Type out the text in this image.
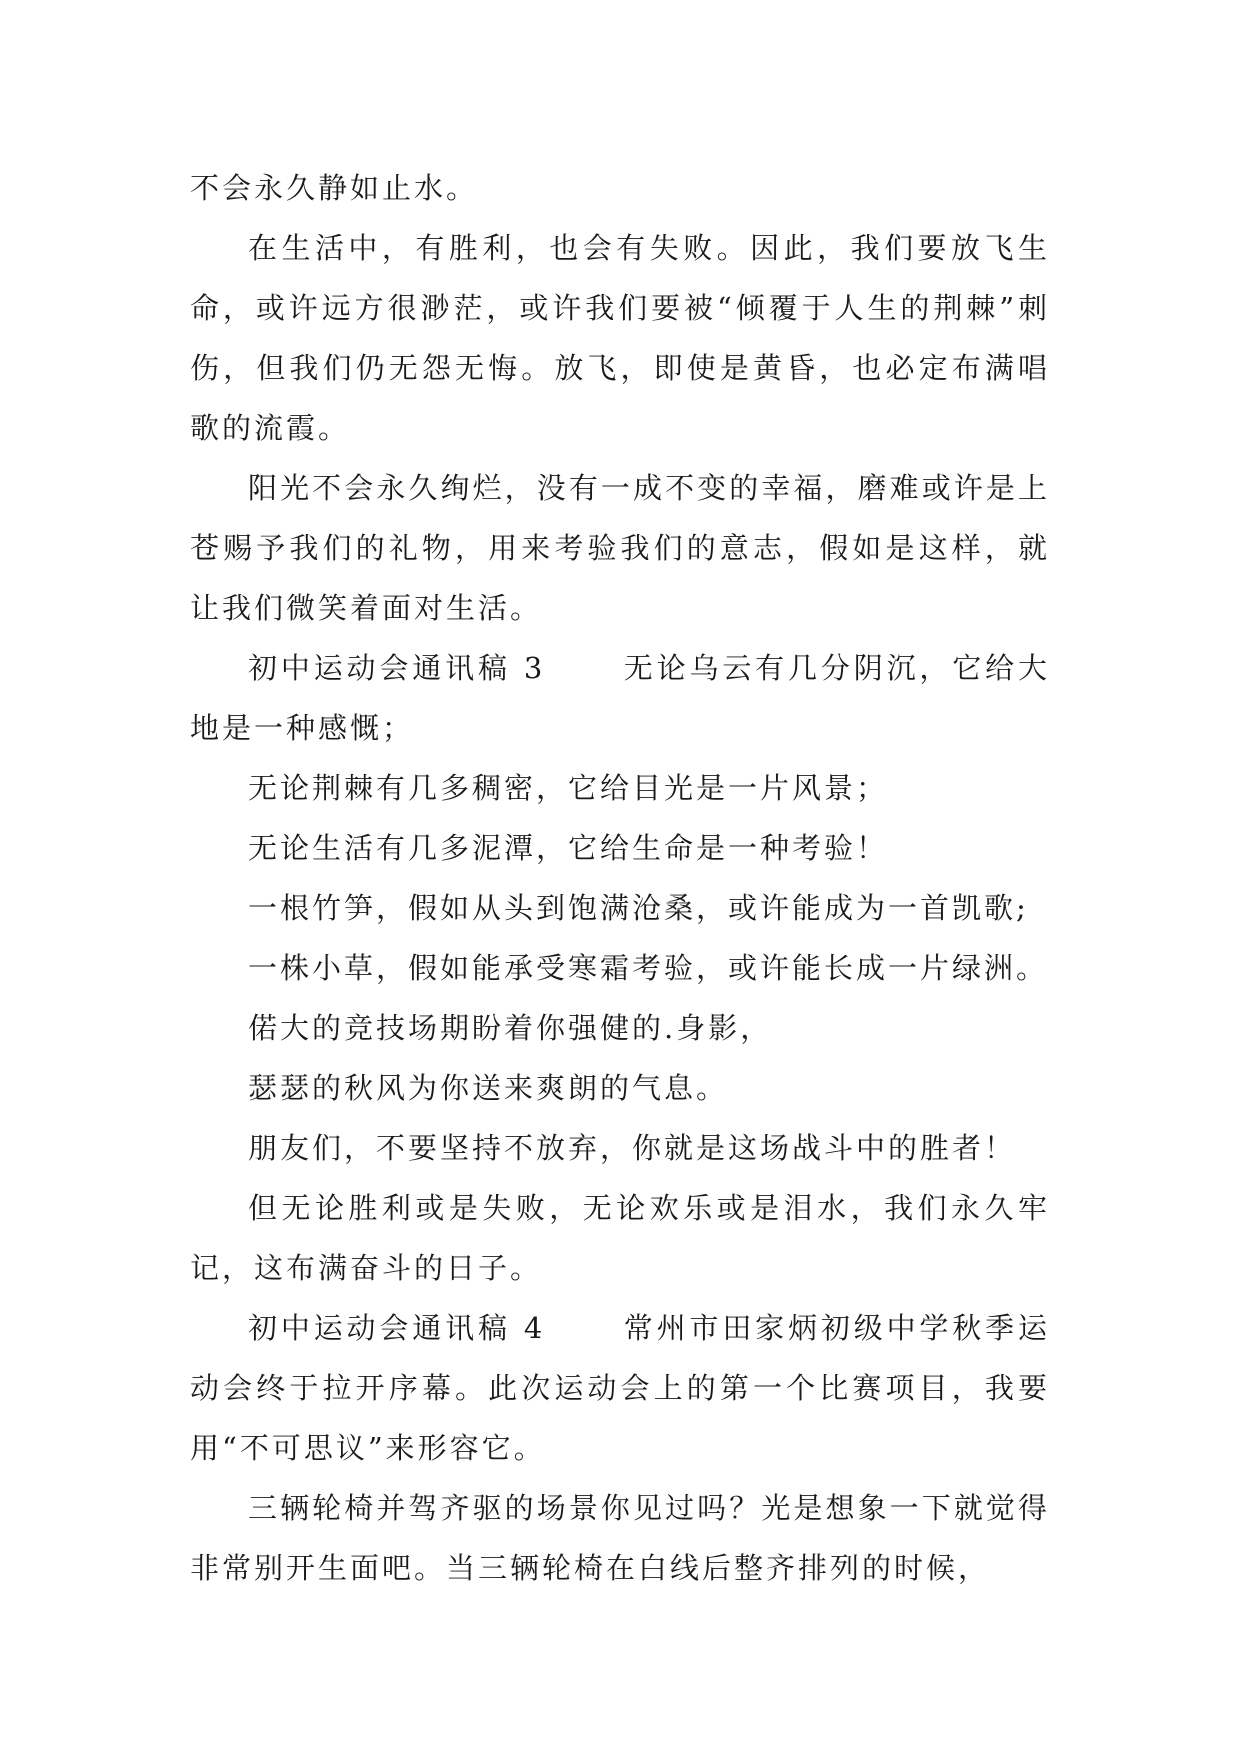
不会永久静如止水。

在生活中，有胜利，也会有失败。因此，我们要放飞生命，或许远方很渺茫，或许我们要被“倾覆于人生的荆棘”刺伤，但我们仍无怨无悔。放飞，即使是黄昏，也必定布满唱歌的流霞。

阳光不会永久绚烂，没有一成不变的幸福，磨难或许是上苍赐予我们的礼物，用来考验我们的意志，假如是这样，就让我们微笑着面对生活。

初中运动会通讯稿 3	无论乌云有几分阴沉，它给大地是一种感慨；

无论荆棘有几多稠密，它给目光是一片风景；

无论生活有几多泥潭，它给生命是一种考验！

一根竹笋，假如从头到饱满沧桑，或许能成为一首凯歌;

一株小草，假如能承受寒霜考验，或许能长成一片绿洲。

偌大的竞技场期盼着你强健的.身影，

瑟瑟的秋风为你送来爽朗的气息。

朋友们，不要坚持不放弃，你就是这场战斗中的胜者！

但无论胜利或是失败，无论欢乐或是泪水，我们永久牢记，这布满奋斗的日子。

初中运动会通讯稿 4	常州市田家炳初级中学秋季运动会终于拉开序幕。此次运动会上的第一个比赛项目，我要用“不可思议”来形容它。

三辆轮椅并驾齐驱的场景你见过吗？光是想象一下就觉得非常别开生面吧。当三辆轮椅在白线后整齐排列的时候，
